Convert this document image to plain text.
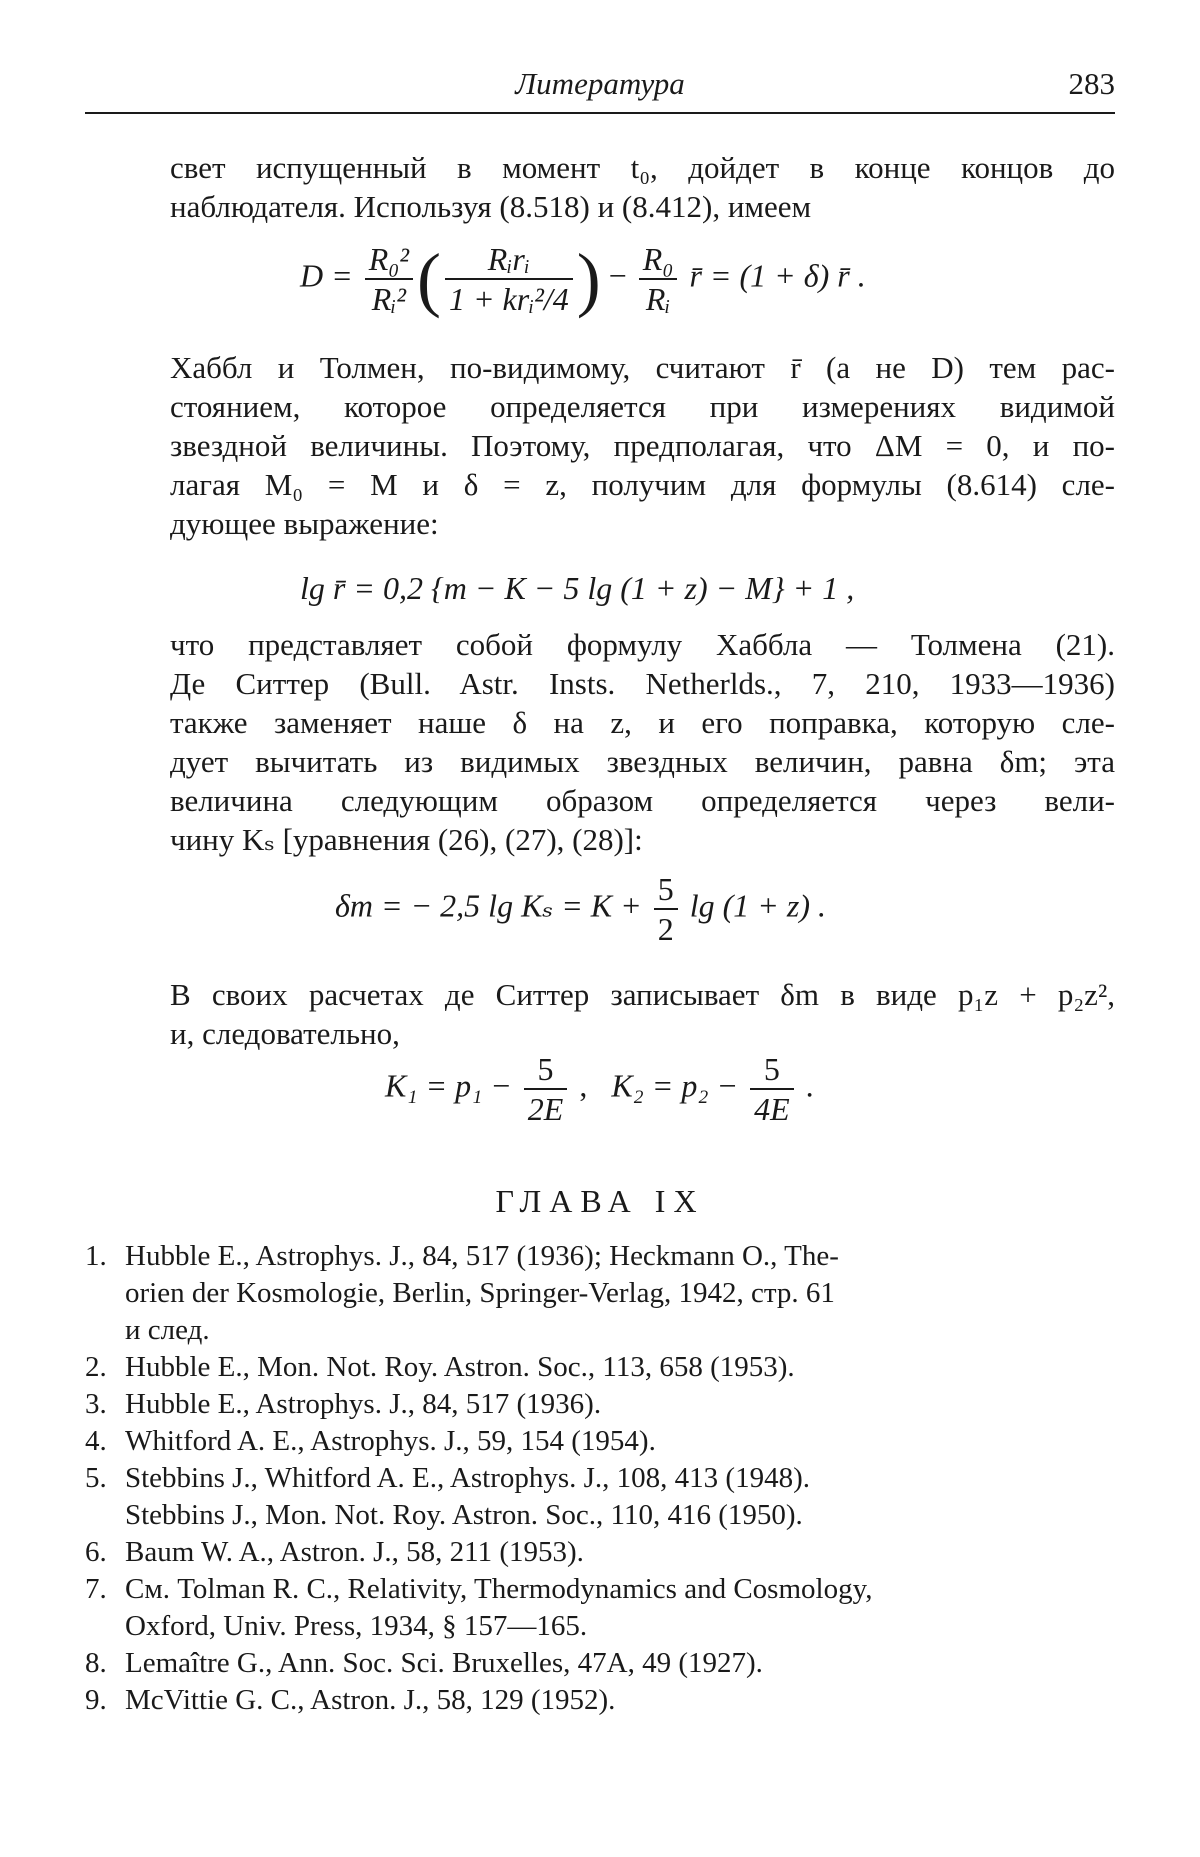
Литература	283
свет испущенный в момент t₀, дойдет в конце концов до
наблюдателя. Используя (8.518) и (8.412), имеем
$D = \frac{\text{R₀²}}{\text{Rᵢ²}}$ ( $\frac{\text{Rᵢrᵢ}}{\text{1 + krᵢ²/4}}$ ) − $\frac{\text{R₀}}{\text{Rᵢ}}$ r̄ = (1 + δ) r̄ .
Хаббл и Толмен, по-видимому, считают r̄ (а не D) тем рас-
стоянием, которое определяется при измерениях видимой
звездной величины. Поэтому, предполагая, что ΔM = 0, и по-
лагая M₀ = M и δ = z, получим для формулы (8.614) сле-
дующее выражение:
lg r̄ = 0,2 {m − K − 5 lg (1 + z) − M} + 1 ,
что представляет собой формулу Хаббла — Толмена (21).
Де Ситтер (Bull. Astr. Insts. Netherlds., 7, 210, 1933—1936)
также заменяет наше δ на z, и его поправка, которую сле-
дует вычитать из видимых звездных величин, равна δm; эта
величина следующим образом определяется через вели-
чину Kₛ [уравнения (26), (27), (28)]:
δm = − 2,5 $\lg K_s = K + \frac{5}{2}$ lg (1 + z) .
В своих расчетах де Ситтер записывает δm в виде p₁z + p₂z²,
и, следовательно,
$K_1 = p_1 - \frac{5}{2E}$ , $K_2 = p_2 - \frac{5}{4E}$ .
ГЛАВА IX
1. Hubble E., Astrophys. J., 84, 517 (1936); Heckmann O., The-
orien der Kosmologie, Berlin, Springer-Verlag, 1942, стр. 61
и след.
2. Hubble E., Mon. Not. Roy. Astron. Soc., 113, 658 (1953).
3. Hubble E., Astrophys. J., 84, 517 (1936).
4. Whitford A. E., Astrophys. J., 59, 154 (1954).
5. Stebbins J., Whitford A. E., Astrophys. J., 108, 413 (1948).
Stebbins J., Mon. Not. Roy. Astron. Soc., 110, 416 (1950).
6. Baum W. A., Astron. J., 58, 211 (1953).
7. См. Tolman R. C., Relativity, Thermodynamics and Cosmology,
Oxford, Univ. Press, 1934, § 157—165.
8. Lemaître G., Ann. Soc. Sci. Bruxelles, 47A, 49 (1927).
9. McVittie G. C., Astron. J., 58, 129 (1952).
